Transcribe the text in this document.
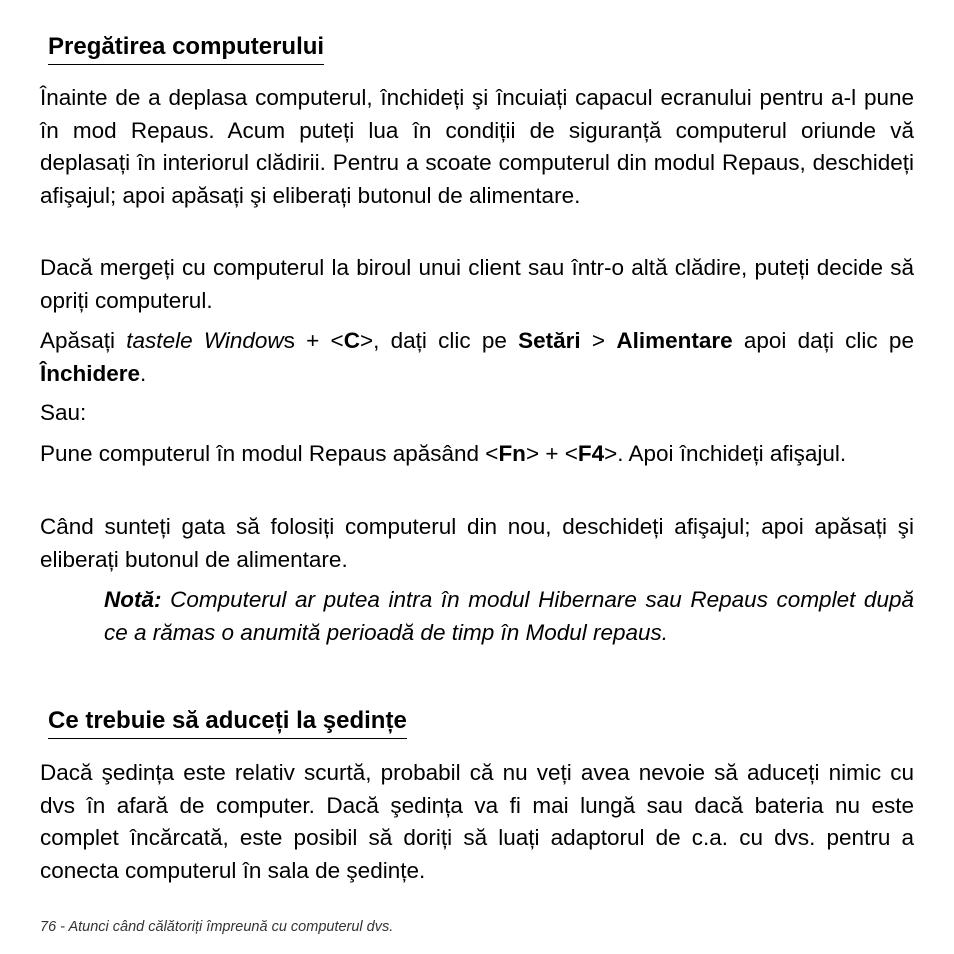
Pregătirea computerului

Înainte de a deplasa computerul, închideți şi încuiați capacul ecranului pentru a-l pune în mod Repaus. Acum puteți lua în condiții de siguranță computerul oriunde vă deplasați în interiorul clădirii. Pentru a scoate computerul din modul Repaus, deschideți afişajul; apoi apăsați şi eliberați butonul de alimentare.

Dacă mergeți cu computerul la biroul unui client sau într-o altă clădire, puteți decide să opriți computerul.

Apăsați tastele Windows + <C>, dați clic pe Setări > Alimentare apoi dați clic pe Închidere.

Sau:

Pune computerul în modul Repaus apăsând <Fn> + <F4>. Apoi închideți afişajul.

Când sunteți gata să folosiți computerul din nou, deschideți afişajul; apoi apăsați şi eliberați butonul de alimentare.

Notă: Computerul ar putea intra în modul Hibernare sau Repaus complet după ce a rămas o anumită perioadă de timp în Modul repaus.

Ce trebuie să aduceți la şedințe

Dacă şedința este relativ scurtă, probabil că nu veți avea nevoie să aduceți nimic cu dvs în afară de computer. Dacă şedința va fi mai lungă sau dacă bateria nu este complet încărcată, este posibil să doriți să luați adaptorul de c.a. cu dvs. pentru a conecta computerul în sala de şedințe.

76 - Atunci când călătoriți împreună cu computerul dvs.
